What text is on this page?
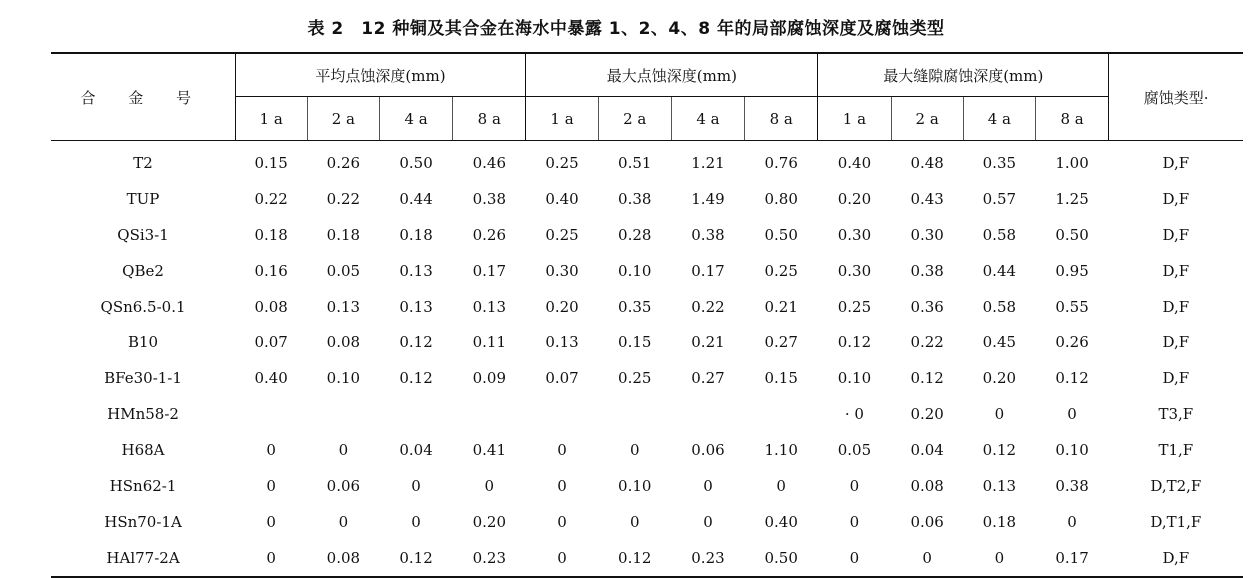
表 2　12 种铜及其合金在海水中暴露 1、2、4、8 年的局部腐蚀深度及腐蚀类型
合 金 号	平均点蚀深度(mm)				最大点蚀深度(mm)				最大缝隙腐蚀深度(mm)				腐蚀类型·
	1 a	2 a	4 a	8 a	1 a	2 a	4 a	8 a	1 a	2 a	4 a	8 a	
T2	0.15	0.26	0.50	0.46	0.25	0.51	1.21	0.76	0.40	0.48	0.35	1.00	D,F
TUP	0.22	0.22	0.44	0.38	0.40	0.38	1.49	0.80	0.20	0.43	0.57	1.25	D,F
QSi3-1	0.18	0.18	0.18	0.26	0.25	0.28	0.38	0.50	0.30	0.30	0.58	0.50	D,F
QBe2	0.16	0.05	0.13	0.17	0.30	0.10	0.17	0.25	0.30	0.38	0.44	0.95	D,F
QSn6.5-0.1	0.08	0.13	0.13	0.13	0.20	0.35	0.22	0.21	0.25	0.36	0.58	0.55	D,F
B10	0.07	0.08	0.12	0.11	0.13	0.15	0.21	0.27	0.12	0.22	0.45	0.26	D,F
BFe30-1-1	0.40	0.10	0.12	0.09	0.07	0.25	0.27	0.15	0.10	0.12	0.20	0.12	D,F
HMn58-2									· 0	0.20	0	0	T3,F
H68A	0	0	0.04	0.41	0	0	0.06	1.10	0.05	0.04	0.12	0.10	T1,F
HSn62-1	0	0.06	0	0	0	0.10	0	0	0	0.08	0.13	0.38	D,T2,F
HSn70-1A	0	0	0	0.20	0	0	0	0.40	0	0.06	0.18	0	D,T1,F
HAl77-2A	0	0.08	0.12	0.23	0	0.12	0.23	0.50	0	0	0	0.17	D,F
